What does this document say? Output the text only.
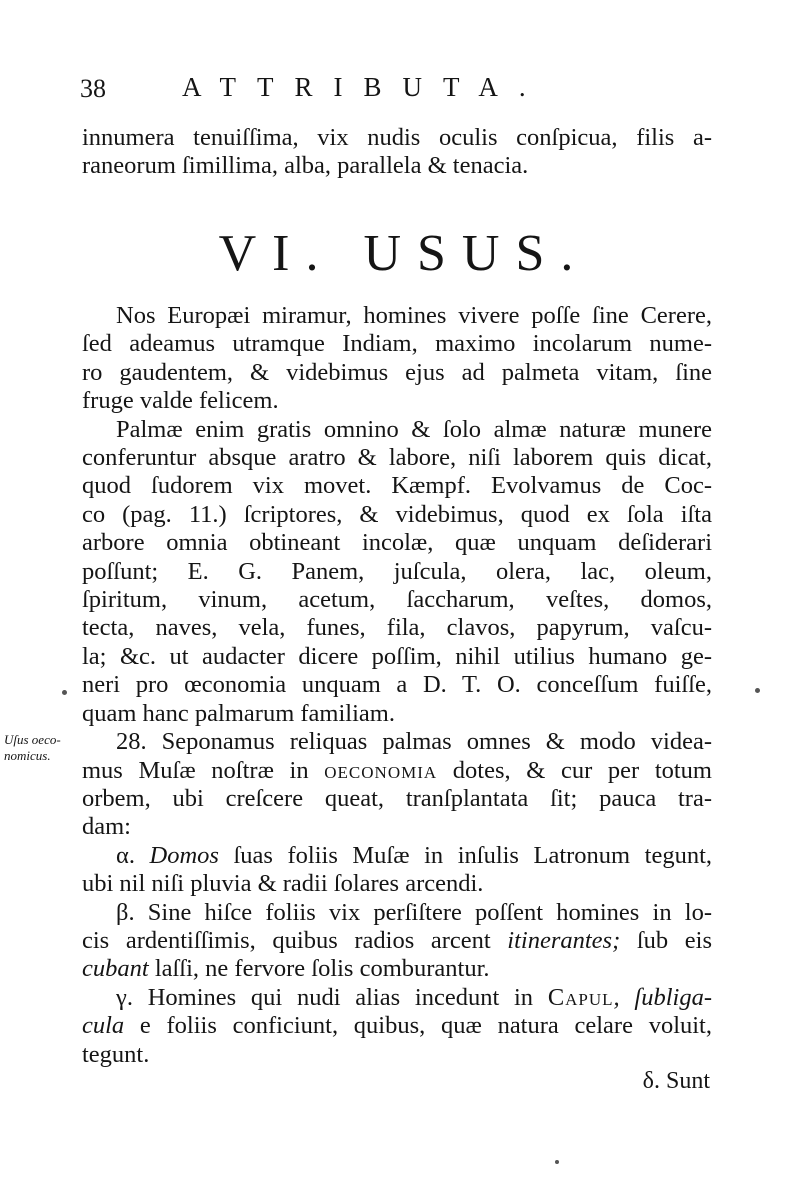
38	ATTRIBUTA.
innumera tenuiſſima, vix nudis oculis conſpicua, filis a-
raneorum ſimillima, alba, parallela & tenacia.
VI. USUS.
Uſus oeco-
nomicus.
Nos Europæi miramur, homines vivere poſſe ſine Cerere,
ſed adeamus utramque Indiam, maximo incolarum nume-
ro gaudentem, & videbimus ejus ad palmeta vitam, ſine
fruge valde felicem.
Palmæ enim gratis omnino & ſolo almæ naturæ munere
conferuntur absque aratro & labore, niſi laborem quis dicat,
quod ſudorem vix movet. Kæmpf. Evolvamus de Coc-
co (pag. 11.) ſcriptores, & videbimus, quod ex ſola iſta
arbore omnia obtineant incolæ, quæ unquam deſiderari
poſſunt; E. G. Panem, juſcula, olera, lac, oleum,
ſpiritum, vinum, acetum, ſaccharum, veſtes, domos,
tecta, naves, vela, funes, fila, clavos, papyrum, vaſcu-
la; &c. ut audacter dicere poſſim, nihil utilius humano ge-
neri pro œconomia unquam a D. T. O. conceſſum fuiſſe,
quam hanc palmarum familiam.
28. Seponamus reliquas palmas omnes & modo videa-
mus Muſæ noſtræ in oeconomia dotes, & cur per totum
orbem, ubi creſcere queat, tranſplantata ſit; pauca tra-
dam:
α. Domos ſuas foliis Muſæ in inſulis Latronum tegunt,
ubi nil niſi pluvia & radii ſolares arcendi.
β. Sine hiſce foliis vix perſiſtere poſſent homines in lo-
cis ardentiſſimis, quibus radios arcent itinerantes; ſub eis
cubant laſſi, ne fervore ſolis comburantur.
γ. Homines qui nudi alias incedunt in Capul, ſubliga-
cula e foliis conficiunt, quibus, quæ natura celare voluit,
tegunt.
δ. Sunt
